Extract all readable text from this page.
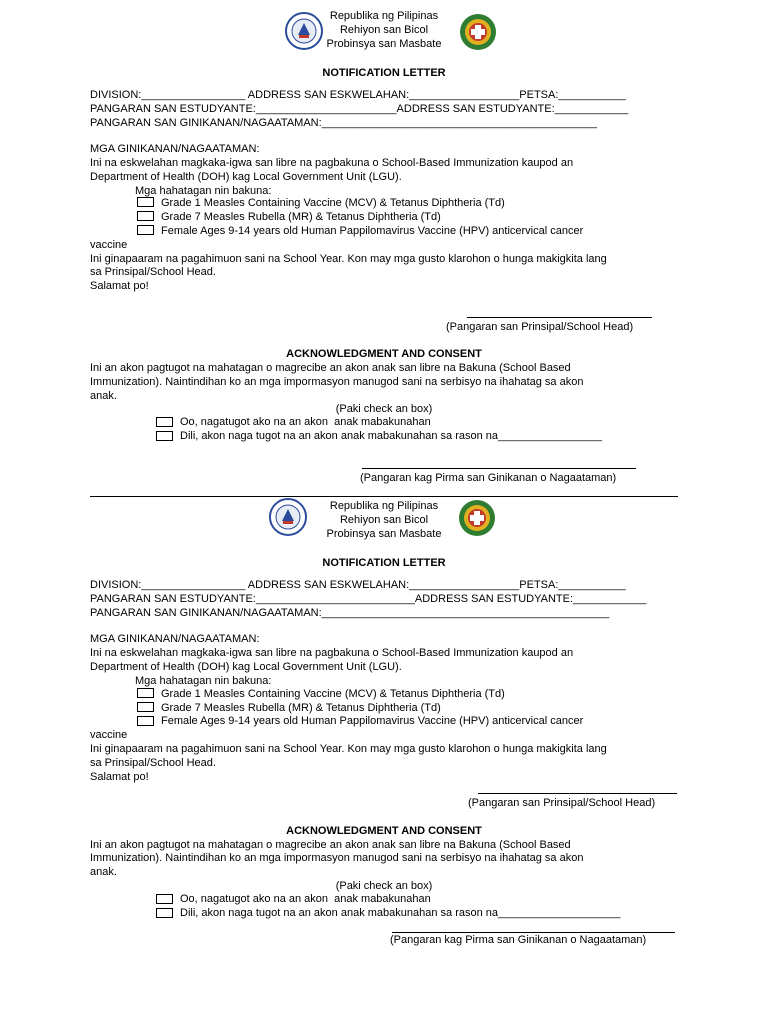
Republika ng Pilipinas
Rehiyon san Bicol
Probinsya san Masbate
NOTIFICATION LETTER
DIVISION:_________________ ADDRESS SAN ESKWELAHAN:__________________PETSA:___________
PANGARAN SAN ESTUDYANTE:_______________________ADDRESS SAN ESTUDYANTE:____________
PANGARAN SAN GINIKANAN/NAGAATAMAN:_____________________________________________
MGA GINIKANAN/NAGAATAMAN:
Ini na eskwelahan magkaka-igwa san libre na pagbakuna o School-Based Immunization kaupod an
Department of Health (DOH) kag Local Government Unit (LGU).
Mga hahatagan nin bakuna:
Grade 1 Measles Containing Vaccine (MCV) & Tetanus Diphtheria (Td)
Grade 7 Measles Rubella (MR) & Tetanus Diphtheria (Td)
Female Ages 9-14 years old Human Pappilomavirus Vaccine (HPV) anticervical cancer
vaccine
Ini ginapaaram na pagahimuon sani na School Year. Kon may mga gusto klarohon o hunga makigkita lang
sa Prinsipal/School Head.
Salamat po!
(Pangaran san Prinsipal/School Head)
ACKNOWLEDGMENT AND CONSENT
Ini an akon pagtugot na mahatagan o magrecibe an akon anak san libre na Bakuna (School Based
Immunization). Naintindihan ko an mga impormasyon manugod sani na serbisyo na ihahatag sa akon
anak.
(Paki check an box)
Oo, nagatugot ako na an akon  anak mabakunahan
Dili, akon naga tugot na an akon anak mabakunahan sa rason na_________________
(Pangaran kag Pirma san Ginikanan o Nagaataman)
Republika ng Pilipinas
Rehiyon san Bicol
Probinsya san Masbate
NOTIFICATION LETTER
DIVISION:_________________ ADDRESS SAN ESKWELAHAN:__________________PETSA:___________
PANGARAN SAN ESTUDYANTE:__________________________ADDRESS SAN ESTUDYANTE:____________
PANGARAN SAN GINIKANAN/NAGAATAMAN:_______________________________________________
MGA GINIKANAN/NAGAATAMAN:
Ini na eskwelahan magkaka-igwa san libre na pagbakuna o School-Based Immunization kaupod an
Department of Health (DOH) kag Local Government Unit (LGU).
Mga hahatagan nin bakuna:
Grade 1 Measles Containing Vaccine (MCV) & Tetanus Diphtheria (Td)
Grade 7 Measles Rubella (MR) & Tetanus Diphtheria (Td)
Female Ages 9-14 years old Human Pappilomavirus Vaccine (HPV) anticervical cancer
vaccine
Ini ginapaaram na pagahimuon sani na School Year. Kon may mga gusto klarohon o hunga makigkita lang
sa Prinsipal/School Head.
Salamat po!
(Pangaran san Prinsipal/School Head)
ACKNOWLEDGMENT AND CONSENT
Ini an akon pagtugot na mahatagan o magrecibe an akon anak san libre na Bakuna (School Based
Immunization). Naintindihan ko an mga impormasyon manugod sani na serbisyo na ihahatag sa akon
anak.
(Paki check an box)
Oo, nagatugot ako na an akon  anak mabakunahan
Dili, akon naga tugot na an akon anak mabakunahan sa rason na____________________
(Pangaran kag Pirma san Ginikanan o Nagaataman)
